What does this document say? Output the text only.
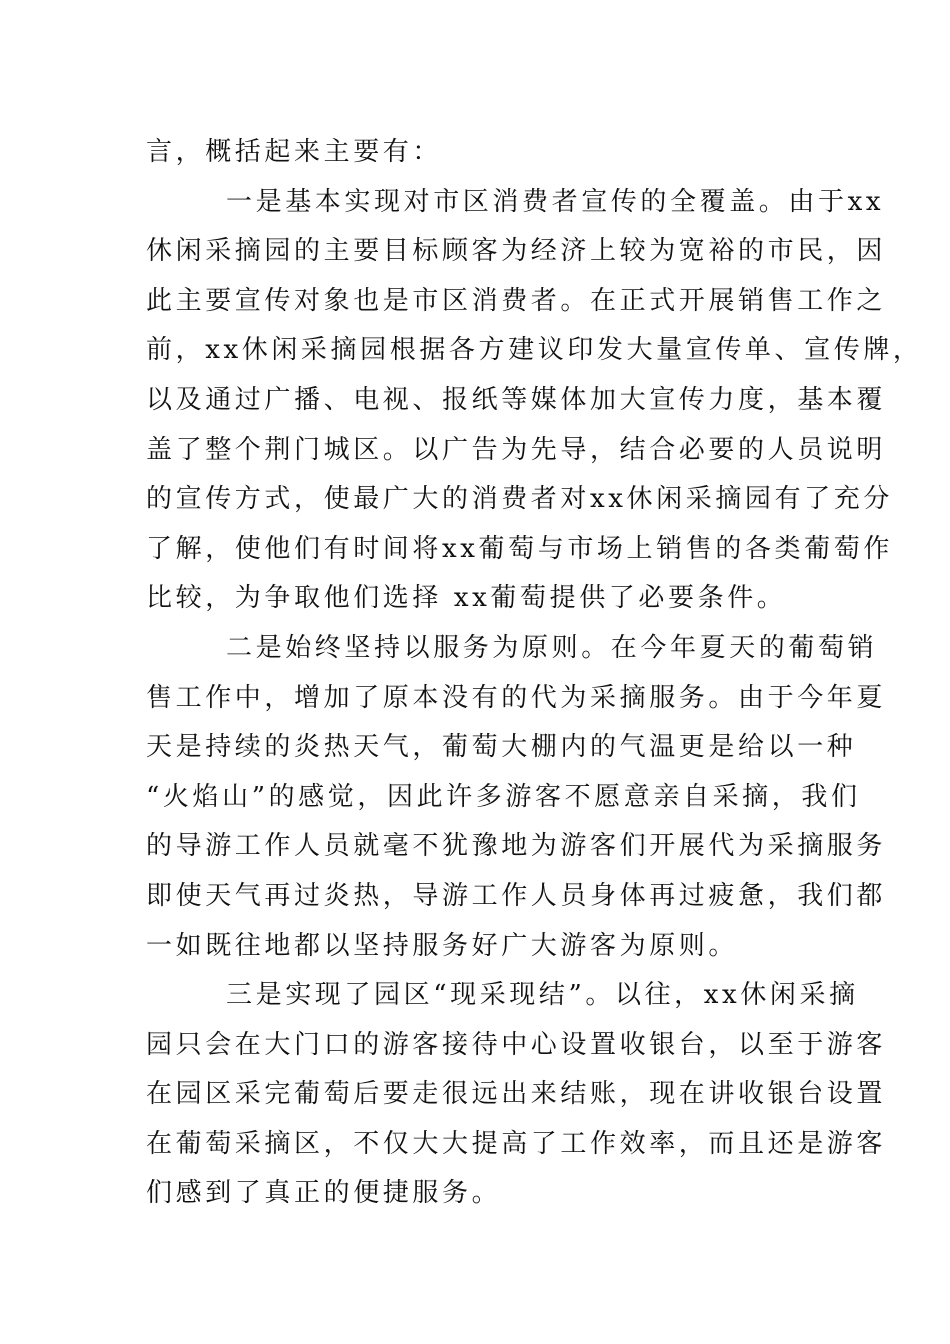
言，概括起来主要有：
一是基本实现对市区消费者宣传的全覆盖。由于xx
休闲采摘园的主要目标顾客为经济上较为宽裕的市民，因
此主要宣传对象也是市区消费者。在正式开展销售工作之
前，xx休闲采摘园根据各方建议印发大量宣传单、宣传牌，
以及通过广播、电视、报纸等媒体加大宣传力度，基本覆
盖了整个荆门城区。以广告为先导，结合必要的人员说明
的宣传方式，使最广大的消费者对xx休闲采摘园有了充分
了解，使他们有时间将xx葡萄与市场上销售的各类葡萄作
比较，为争取他们选择 xx葡萄提供了必要条件。
二是始终坚持以服务为原则。在今年夏天的葡萄销
售工作中，增加了原本没有的代为采摘服务。由于今年夏
天是持续的炎热天气，葡萄大棚内的气温更是给以一种
“火焰山”的感觉，因此许多游客不愿意亲自采摘，我们
的导游工作人员就毫不犹豫地为游客们开展代为采摘服务
即使天气再过炎热，导游工作人员身体再过疲惫，我们都
一如既往地都以坚持服务好广大游客为原则。
三是实现了园区“现采现结”。以往，xx休闲采摘
园只会在大门口的游客接待中心设置收银台，以至于游客
在园区采完葡萄后要走很远出来结账，现在讲收银台设置
在葡萄采摘区，不仅大大提高了工作效率，而且还是游客
们感到了真正的便捷服务。
